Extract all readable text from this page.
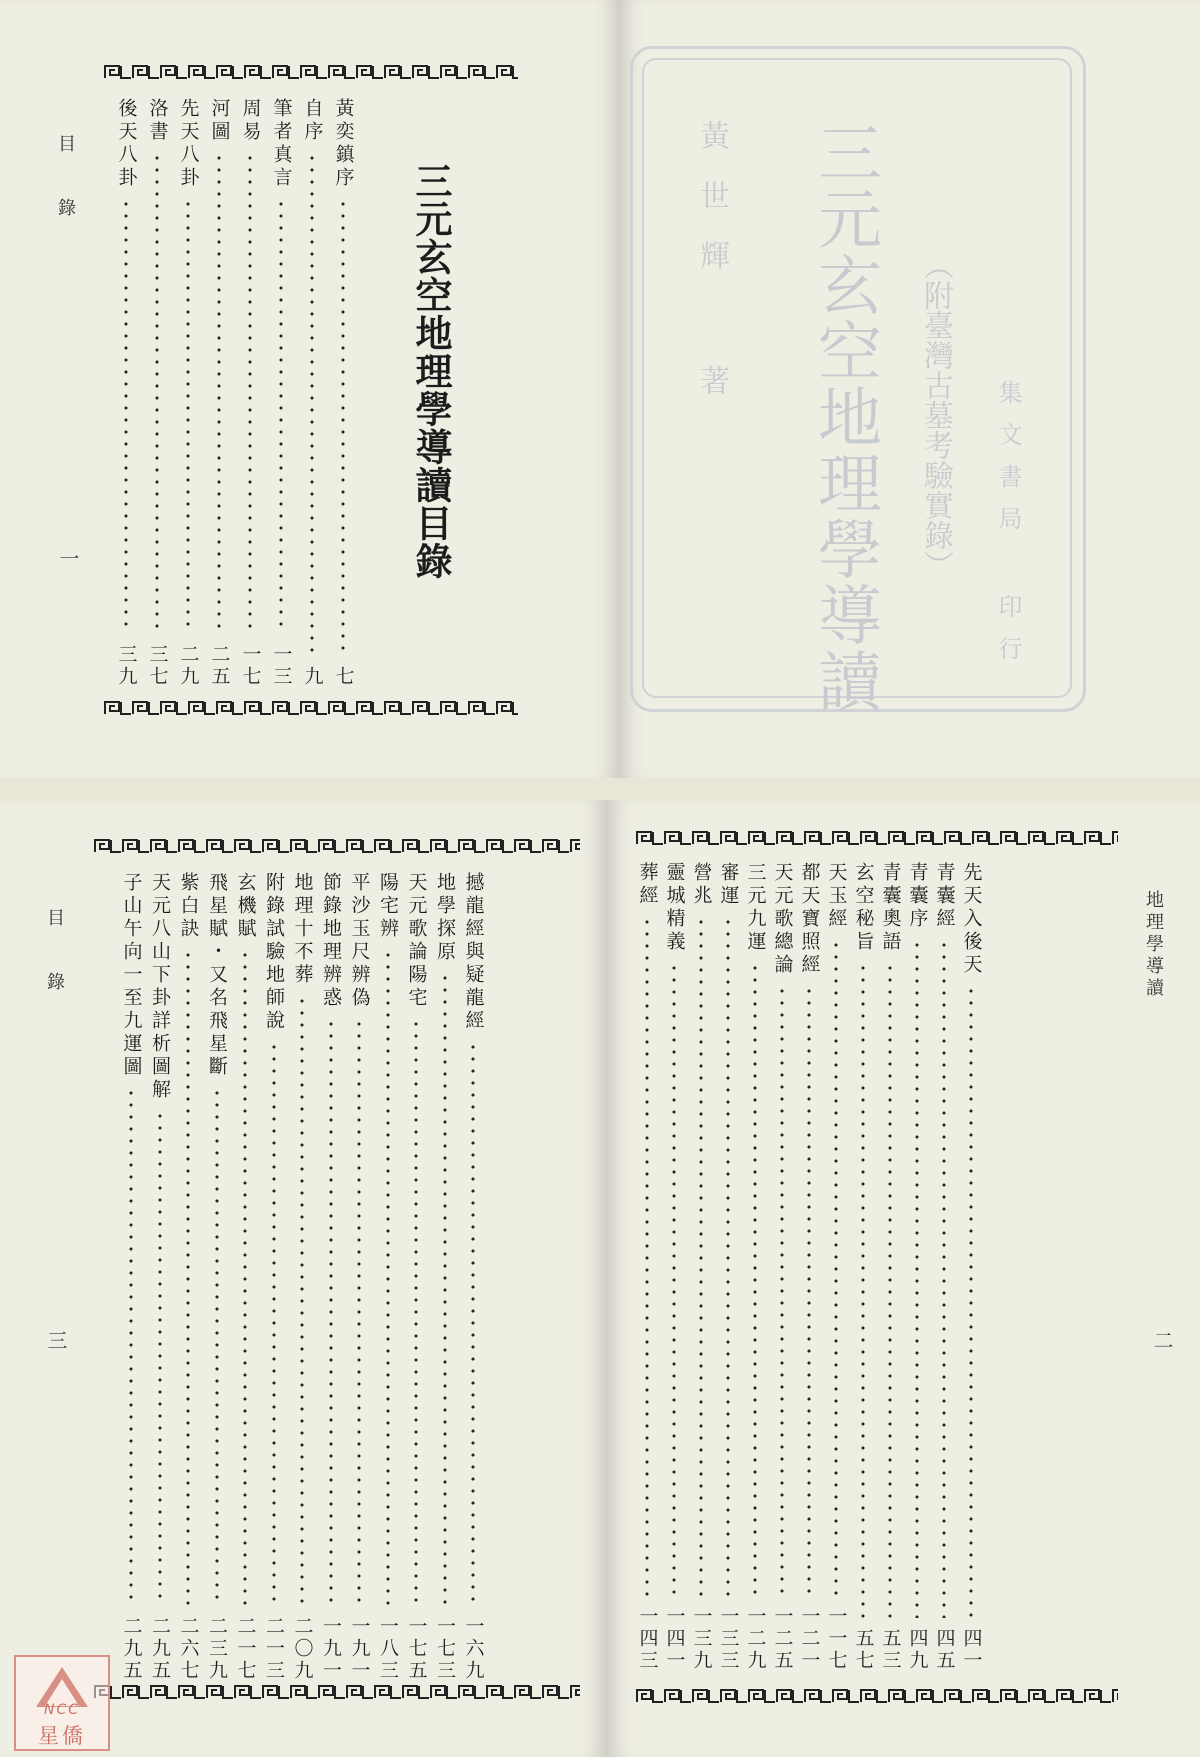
目　錄
一	三元玄空地理學導讀目錄
黃奕鎮序
七
自序
九
筆者真言
一三
周易
一七
河圖
二五
先天八卦
二九
洛書
三七
後天八卦
三九	三元玄空地理學導讀 （附臺灣古墓考驗實錄）
黃世輝 著
集文書局 印行
目　錄
三
撼龍經與疑龍經
一六九
地學探原
一七三
天元歌論陽宅
一七五
陽宅辨
一八三
平沙玉尺辨偽
一九一
節錄地理辨惑
一九一
地理十不葬
二〇九
附錄試驗地師說
二一三
玄機賦
二一七
飛星賦・又名飛星斷
二三九
紫白訣
二六七
天元八山下卦詳析圖解
二九五
子山午向一至九運圖
二九五
地理學導讀
二
先天入後天
四一
青囊經
四五
青囊序
四九
青囊奧語
五三
玄空秘旨
五七
天玉經
一一七
都天寶照經
一二一
天元歌總論
一二五
三元九運
一二九
審運
一三三
營兆
一三九
靈城精義
一四一
葬經
一四三
NCC
星僑
